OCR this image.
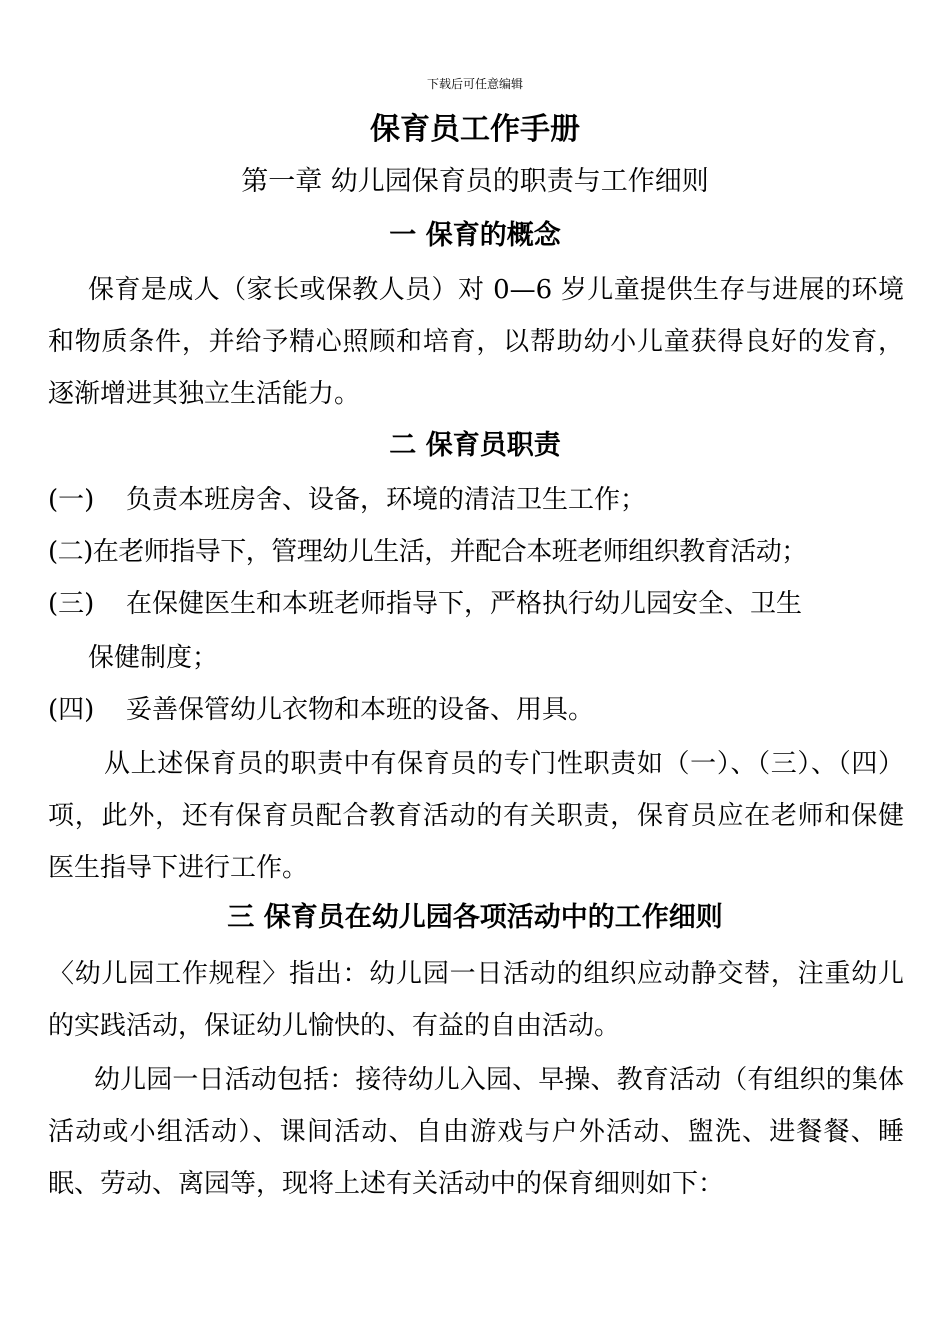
下载后可任意编辑
保育员工作手册
第一章 幼儿园保育员的职责与工作细则
一 保育的概念
保育是成人（家长或保教人员）对 0—6 岁儿童提供生存与进展的环境和物质条件，并给予精心照顾和培育，以帮助幼小儿童获得良好的发育，逐渐增进其独立生活能力。
二 保育员职责
(一) 负责本班房舍、设备，环境的清洁卫生工作；
(二)在老师指导下，管理幼儿生活，并配合本班老师组织教育活动；
(三) 在保健医生和本班老师指导下，严格执行幼儿园安全、卫生
保健制度；
(四) 妥善保管幼儿衣物和本班的设备、用具。
从上述保育员的职责中有保育员的专门性职责如（一）、（三）、（四）项，此外，还有保育员配合教育活动的有关职责，保育员应在老师和保健医生指导下进行工作。
三 保育员在幼儿园各项活动中的工作细则
〈幼儿园工作规程〉指出：幼儿园一日活动的组织应动静交替，注重幼儿的实践活动，保证幼儿愉快的、有益的自由活动。
幼儿园一日活动包括：接待幼儿入园、早操、教育活动（有组织的集体活动或小组活动）、课间活动、自由游戏与户外活动、盥洗、进餐餐、睡眠、劳动、离园等，现将上述有关活动中的保育细则如下：
